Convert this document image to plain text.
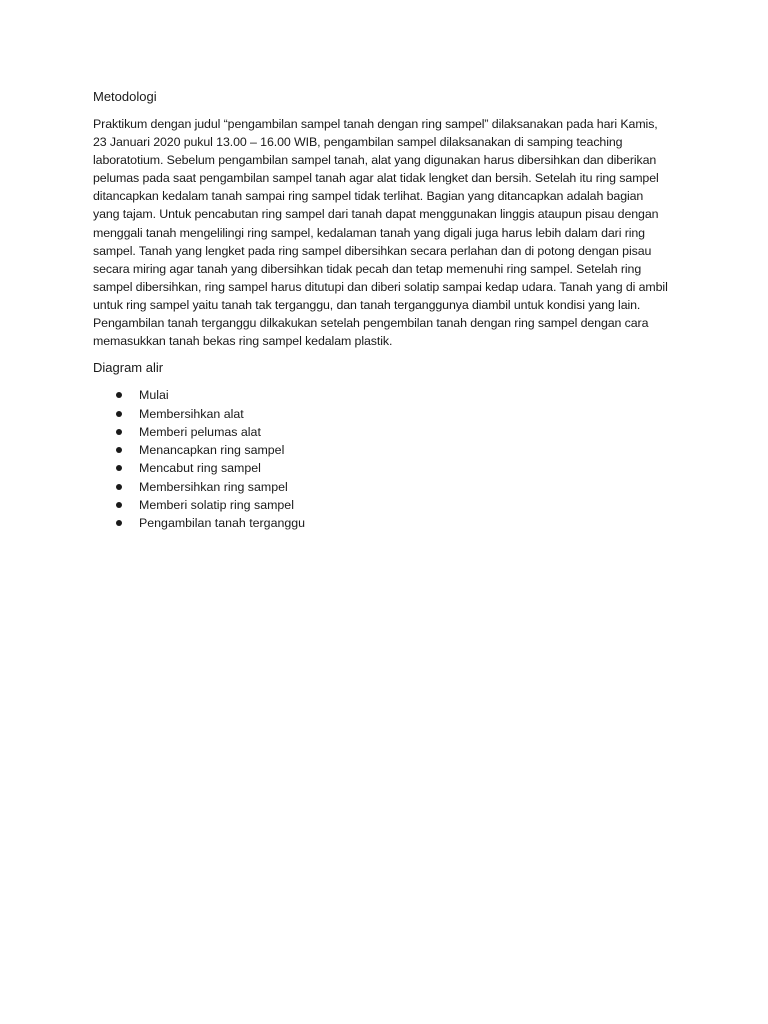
Metodologi

Praktikum dengan judul “pengambilan sampel tanah dengan ring sampel” dilaksanakan pada hari Kamis, 23 Januari 2020 pukul 13.00 – 16.00 WIB, pengambilan sampel dilaksanakan di samping teaching laboratotium. Sebelum pengambilan sampel tanah, alat yang digunakan harus dibersihkan dan diberikan pelumas pada saat pengambilan sampel tanah agar alat tidak lengket dan bersih. Setelah itu ring sampel ditancapkan kedalam tanah sampai ring sampel tidak terlihat. Bagian yang ditancapkan adalah bagian yang tajam. Untuk pencabutan ring sampel dari tanah dapat menggunakan linggis ataupun pisau dengan menggali tanah mengelilingi ring sampel, kedalaman tanah yang digali juga harus lebih dalam dari ring sampel. Tanah yang lengket pada ring sampel dibersihkan secara perlahan dan di potong dengan pisau secara miring agar tanah yang dibersihkan tidak pecah dan tetap memenuhi ring sampel. Setelah ring sampel dibersihkan, ring sampel harus ditutupi dan diberi solatip sampai kedap udara. Tanah yang di ambil untuk ring sampel yaitu tanah tak terganggu, dan tanah terganggunya diambil untuk kondisi yang lain. Pengambilan tanah terganggu dilkakukan setelah pengembilan tanah dengan ring sampel dengan cara memasukkan tanah bekas ring sampel kedalam plastik.

Diagram alir

Mulai
Membersihkan alat
Memberi pelumas alat
Menancapkan ring sampel
Mencabut ring sampel
Membersihkan ring sampel
Memberi solatip ring sampel
Pengambilan tanah terganggu
